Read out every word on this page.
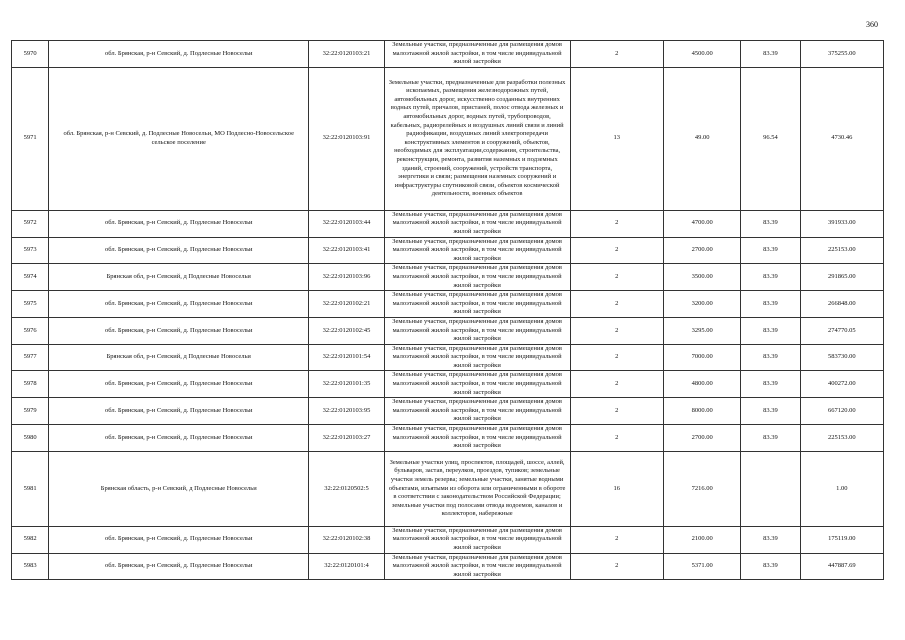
360
5970	обл. Брянская, р-н Севский, д. Подлесные Новосельи	32:22:0120103:21	Земельные участки, предназначенные для размещения домов малоэтажной жилой застройки, в том числе индивидуальной жилой застройки	2	4500.00	83.39	375255.00
5971	обл. Брянская, р-н Севский, д. Подлесные Новосельи, МО Подлесно-Новосельское сельское поселение	32:22:0120103:91	Земельные участки, предназначенные для разработки полезных ископаемых, размещения железнодорожных путей, автомобильных дорог, искусственно созданных внутренних водных путей, причалов, пристаней, полос отвода железных и автомобильных дорог, водных путей, трубопроводов, кабельных, радиорелейных и воздушных линий связи и линий радиофикации, воздушных линий электропередачи конструктивных элементов и сооружений, объектов, необходимых для эксплуатации,содержания, строительства, реконструкции, ремонта, развития наземных и подземных зданий, строений, сооружений, устройств транспорта, энергетики и связи; размещения наземных сооружений и инфраструктуры спутниковой связи, объектов космической деятельности, военных объектов	13	49.00	96.54	4730.46
5972	обл. Брянская, р-н Севский, д. Подлесные Новосельи	32:22:0120103:44	Земельные участки, предназначенные для размещения домов малоэтажной жилой застройки, в том числе индивидуальной жилой застройки	2	4700.00	83.39	391933.00
5973	обл. Брянская, р-н Севский, д. Подлесные Новосельи	32:22:0120103:41	Земельные участки, предназначенные для размещения домов малоэтажной жилой застройки, в том числе индивидуальной жилой застройки	2	2700.00	83.39	225153.00
5974	Брянская обл, р-н Севский, д Подлесные Новосельи	32:22:0120103:96	Земельные участки, предназначенные для размещения домов малоэтажной жилой застройки, в том числе индивидуальной жилой застройки	2	3500.00	83.39	291865.00
5975	обл. Брянская, р-н Севский, д. Подлесные Новосельи	32:22:0120102:21	Земельные участки, предназначенные для размещения домов малоэтажной жилой застройки, в том числе индивидуальной жилой застройки	2	3200.00	83.39	266848.00
5976	обл. Брянская, р-н Севский, д. Подлесные Новосельи	32:22:0120102:45	Земельные участки, предназначенные для размещения домов малоэтажной жилой застройки, в том числе индивидуальной жилой застройки	2	3295.00	83.39	274770.05
5977	Брянская обл, р-н Севский, д Подлесные Новосельи	32:22:0120101:54	Земельные участки, предназначенные для размещения домов малоэтажной жилой застройки, в том числе индивидуальной жилой застройки	2	7000.00	83.39	583730.00
5978	обл. Брянская, р-н Севский, д. Подлесные Новосельи	32:22:0120101:35	Земельные участки, предназначенные для размещения домов малоэтажной жилой застройки, в том числе индивидуальной жилой застройки	2	4800.00	83.39	400272.00
5979	обл. Брянская, р-н Севский, д. Подлесные Новосельи	32:22:0120103:95	Земельные участки, предназначенные для размещения домов малоэтажной жилой застройки, в том числе индивидуальной жилой застройки	2	8000.00	83.39	667120.00
5980	обл. Брянская, р-н Севский, д. Подлесные Новосельи	32:22:0120103:27	Земельные участки, предназначенные для размещения домов малоэтажной жилой застройки, в том числе индивидуальной жилой застройки	2	2700.00	83.39	225153.00
5981	Брянская область, р-н Севский, д Подлесные Новосельи	32:22:0120502:5	Земельные участки улиц, проспектов, площадей, шоссе, аллей, бульваров, застав, переулков, проездов, тупиков; земельные участки земель резерва; земельные участки, занятые водными объектами, изъятыми из оборота или ограниченными в обороте в соответствии с законодательством Российской Федерации; земельные участки под полосами отвода водоемов, каналов и коллекторов, набережные	16	7216.00		1.00
5982	обл. Брянская, р-н Севский, д. Подлесные Новосельи	32:22:0120102:38	Земельные участки, предназначенные для размещения домов малоэтажной жилой застройки, в том числе индивидуальной жилой застройки	2	2100.00	83.39	175119.00
5983	обл. Брянская, р-н Севский, д. Подлесные Новосельи	32:22:0120101:4	Земельные участки, предназначенные для размещения домов малоэтажной жилой застройки, в том числе индивидуальной жилой застройки	2	5371.00	83.39	447887.69
